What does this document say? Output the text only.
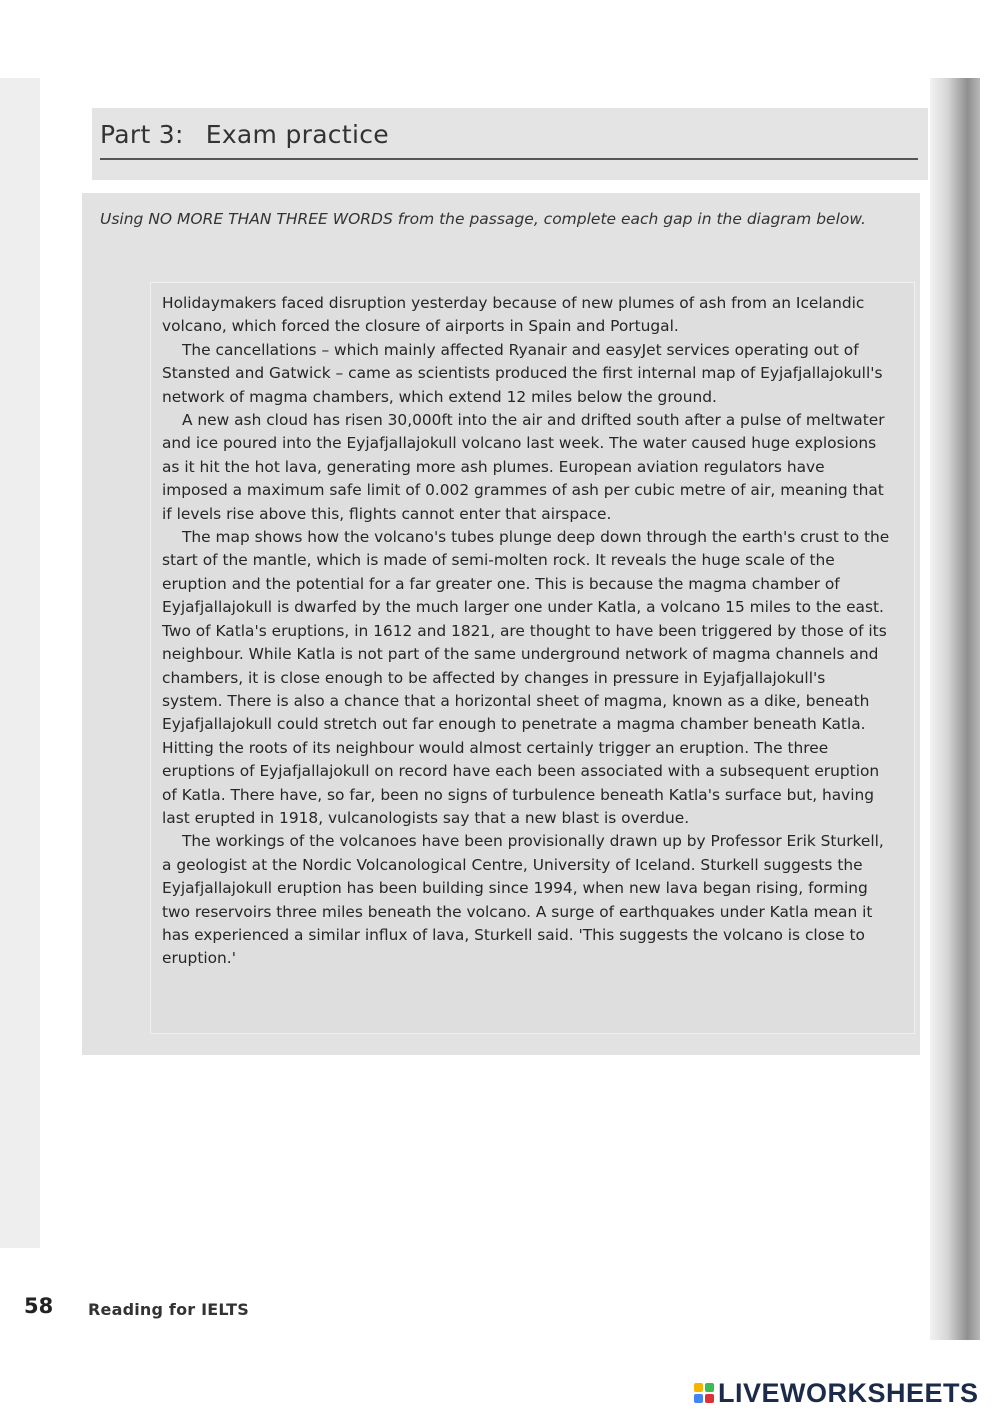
Part 3: Exam practice
Using NO MORE THAN THREE WORDS from the passage, complete each gap in the diagram below.

Holidaymakers faced disruption yesterday because of new plumes of ash from an Icelandic volcano, which forced the closure of airports in Spain and Portugal.

The cancellations – which mainly affected Ryanair and easyJet services operating out of Stansted and Gatwick – came as scientists produced the first internal map of Eyjafjallajokull's network of magma chambers, which extend 12 miles below the ground.

A new ash cloud has risen 30,000ft into the air and drifted south after a pulse of meltwater and ice poured into the Eyjafjallajokull volcano last week. The water caused huge explosions as it hit the hot lava, generating more ash plumes. European aviation regulators have imposed a maximum safe limit of 0.002 grammes of ash per cubic metre of air, meaning that if levels rise above this, flights cannot enter that airspace.

The map shows how the volcano's tubes plunge deep down through the earth's crust to the start of the mantle, which is made of semi-molten rock. It reveals the huge scale of the eruption and the potential for a far greater one. This is because the magma chamber of Eyjafjallajokull is dwarfed by the much larger one under Katla, a volcano 15 miles to the east. Two of Katla's eruptions, in 1612 and 1821, are thought to have been triggered by those of its neighbour. While Katla is not part of the same underground network of magma channels and chambers, it is close enough to be affected by changes in pressure in Eyjafjallajokull's system. There is also a chance that a horizontal sheet of magma, known as a dike, beneath Eyjafjallajokull could stretch out far enough to penetrate a magma chamber beneath Katla. Hitting the roots of its neighbour would almost certainly trigger an eruption. The three eruptions of Eyjafjallajokull on record have each been associated with a subsequent eruption of Katla. There have, so far, been no signs of turbulence beneath Katla's surface but, having last erupted in 1918, vulcanologists say that a new blast is overdue.

The workings of the volcanoes have been provisionally drawn up by Professor Erik Sturkell, a geologist at the Nordic Volcanological Centre, University of Iceland. Sturkell suggests the Eyjafjallajokull eruption has been building since 1994, when new lava began rising, forming two reservoirs three miles beneath the volcano. A surge of earthquakes under Katla mean it has experienced a similar influx of lava, Sturkell said. 'This suggests the volcano is close to eruption.'

58 Reading for IELTS
LIVEWORKSHEETS
